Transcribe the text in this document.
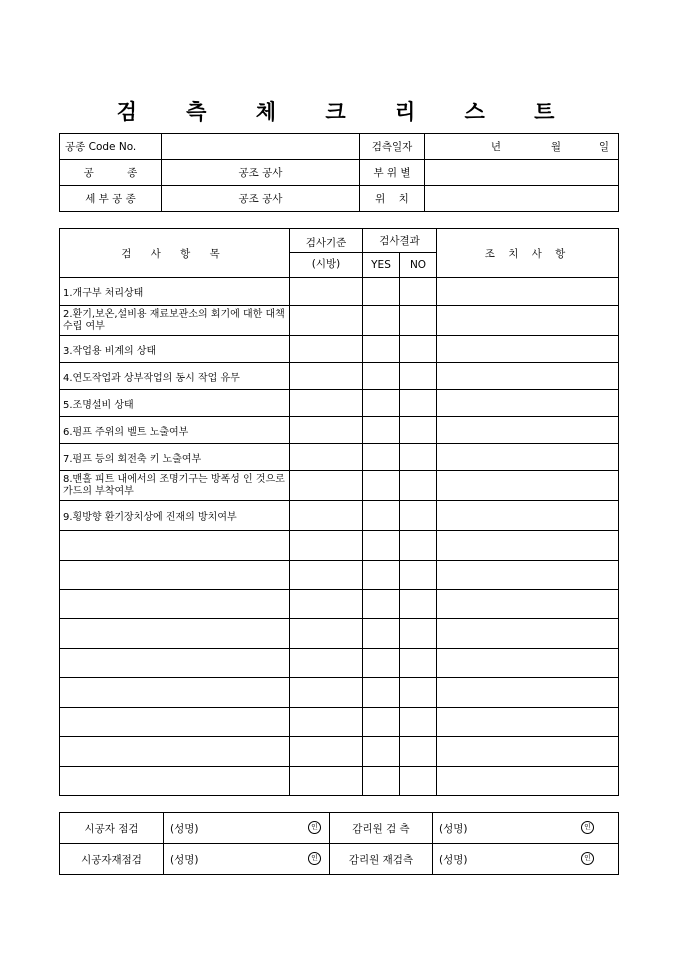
검 측 체 크 리 스 트
공종 Code No.		검측일자	년 월 일
공          종	공조 공사	부 위 별	
세 부 공 종	공조 공사	위    치	
검 사 항 목	검사기준	검사결과		조 치 사 항
	(시방)	YES	NO	
1.개구부 처리상태				
2.환기,보온,설비용 재료보관소의 회기에 대한 대책수립 여부				
3.작업용 비계의 상태				
4.연도작업과 상부작업의 동시 작업 유무				
5.조명설비 상태				
6.펌프 주위의 벨트 노출여부				
7.펌프 등의 회전축 키 노출여부				
8.맨홀 피트 내에서의 조명기구는 방폭성 인 것으로 가드의 부착여부				
9.횡방향 환기장치상에 진재의 방치여부				

시공자 점검	(성명) 인	감리원 검 측	(성명) 인

시공자재점검	(성명) 인	감리원 재검측	(성명) 인
